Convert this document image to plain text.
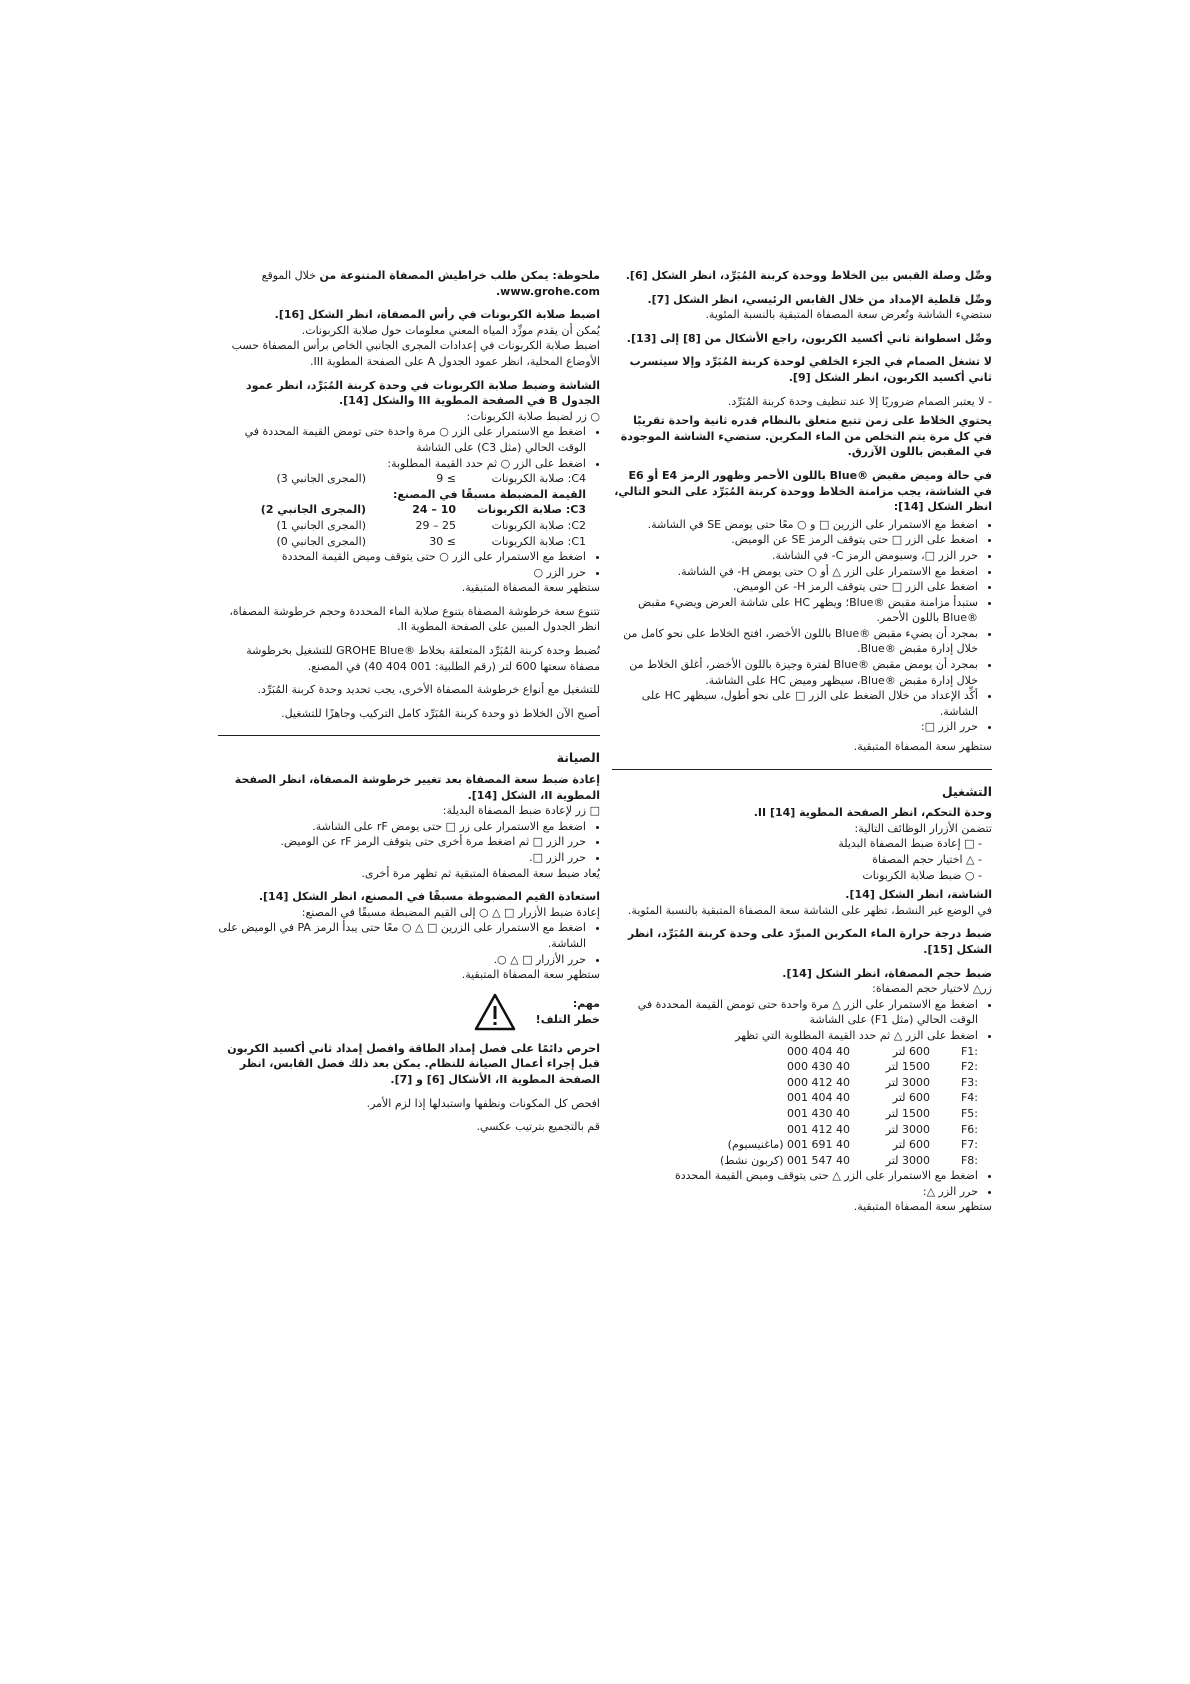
وصِّل وصلة القبس بين الخلاط ووحدة كربنة المُبَرِّد، انظر الشكل [6].

وصِّل قلطية الإمداد من خلال القابس الرئيسي، انظر الشكل [7].
ستضيء الشاشة وتُعرض سعة المصفاة المتبقية بالنسبة المئوية.

وصِّل اسطوانة ثاني أكسيد الكربون، راجع الأشكال من [8] إلى [13].

لا تشغل الصمام في الجزء الخلفي لوحدة كربنة المُبَرِّد وإلا سيتسرب ثاني أكسيد الكربون، انظر الشكل [9].

- لا يعتبر الصمام ضروريًا إلا عند تنظيف وحدة كربنة المُبَرِّد.

يحتوي الخلاط على زمن تتبع متعلق بالنظام قدره ثانية واحدة تقريبًا في كل مرة يتم التخلص من الماء المكربن. ستضيء الشاشة الموجودة في المقبض باللون الآزرق.

في حالة وميض مقبض ®Blue باللون الأحمر وظهور الرمز E4 أو E6 في الشاشة، يجب مزامنة الخلاط ووحدة كربنة المُبَرِّد على النحو التالي، انظر الشكل [14]:

• اضغط مع الاستمرار على الزرين □ و ○ معًا حتى يومض SE في الشاشة.
• اضغط على الزر □ حتى يتوقف الرمز SE عن الوميض.
• حرر الزر □، وسيومض الرمز C- في الشاشة.
• اضغط مع الاستمرار على الزر △ أو ○ حتى يومض H- في الشاشة.
• اضغط على الزر □ حتى يتوقف الرمز H- عن الوميض.
• ستبدأ مزامنة مقبض ®Blue؛ ويظهر HC على شاشة العرض ويضيء مقبض ®Blue باللون الأحمر.
• بمجرد أن يضيء مقبض ®Blue باللون الأخضر، افتح الخلاط على نحو كامل من خلال إدارة مقبض ®Blue.
• بمجرد أن يومض مقبض ®Blue لفترة وجيزة باللون الأخضر، أغلق الخلاط من خلال إدارة مقبض ®Blue، سيظهر وميض HC على الشاشة.
• أكِّد الإعداد من خلال الضغط على الزر □ على نحو أطول، سيظهر HC على الشاشة.
• حرر الزر □:

ستظهر سعة المصفاة المتبقية.

التشغيل

وحدة التحكم، انظر الصفحة المطوية [14] II.
تتضمن الأزرار الوظائف التالية:

- □ إعادة ضبط المصفاة البديلة
- △ اختيار حجم المصفاة
- ○ ضبط صلابة الكربونات

الشاشة، انظر الشكل [14].
في الوضع غير النشط، تظهر على الشاشة سعة المصفاة المتبقية بالنسبة المئوية.

ضبط درجة حرارة الماء المكربن المبرِّد على وحدة كربنة المُبَرِّد، انظر الشكل [15].

ضبط حجم المصفاة، انظر الشكل [14].
زر△ لاختيار حجم المصفاة:

• اضغط مع الاستمرار على الزر △ مرة واحدة حتى تومض القيمة المحددة في الوقت الحالي (مثل F1) على الشاشة
• اضغط على الزر △ ثم حدد القيمة المطلوبة التي تظهر
:F1	600 لتر	40 404 000
:F2	1500 لتر	40 430 000
:F3	3000 لتر	40 412 000
:F4	600 لتر	40 404 001
:F5	1500 لتر	40 430 001
:F6	3000 لتر	40 412 001
:F7	600 لتر	40 691 001 (ماغنيسيوم)
:F8	3000 لتر	40 547 001 (كربون نشط)
• اضغط مع الاستمرار على الزر △ حتى يتوقف وميض القيمة المحددة
• حرر الزر △:

ستظهر سعة المصفاة المتبقية.

ملحوظة: يمكن طلب خراطيش المصفاة المتنوعة من خلال الموقع
www.grohe.com.

اضبط صلابة الكربونات في رأس المصفاة، انظر الشكل [16].
يُمكن أن يقدم موزِّد المياه المعني معلومات حول صلابة الكربونات.
اضبط صلابة الكربونات في إعدادات المجرى الجانبي الخاص برأس المصفاة حسب الأوضاع المحلية، انظر عمود الجدول A على الصفحة المطوية III.

الشاشة وضبط صلابة الكربونات في وحدة كربنة المُبَرِّد، انظر عمود الجدول B في الصفحة المطوية III والشكل [14].
○ زر لضبط صلابة الكربونات:

• اضغط مع الاستمرار على الزر ○ مرة واحدة حتى تومض القيمة المحددة في الوقت الحالي (مثل C3) على الشاشة
• اضغط على الزر ○ ثم حدد القيمة المطلوبة:
C4: صلابة الكربونات	≥ 9	(المجرى الجانبي 3)
القيمة المضبطة مسبقًا في المصنع:		
C3: صلابة الكربونات	10 – 24	(المجرى الجانبي 2)
C2: صلابة الكربونات	25 – 29	(المجرى الجانبي 1)
C1: صلابة الكربونات	≥ 30	(المجرى الجانبي 0)
• اضغط مع الاستمرار على الزر ○ حتى يتوقف وميض القيمة المحددة
• حرر الزر ○

ستظهر سعة المصفاة المتبقية.

تتنوع سعة خرطوشة المصفاة بتنوع صلابة الماء المحددة وحجم خرطوشة المصفاة، انظر الجدول المبين على الصفحة المطوية II.

تُضبط وحدة كربنة المُبَرِّد المتعلقة بخلاط ®GROHE Blue للتشغيل بخرطوشة مصفاة سعتها 600 لتر (رقم الطلبية: 001 404 40) في المصنع.

للتشغيل مع أنواع خرطوشة المصفاة الأخرى، يجب تحديد وحدة كربنة المُبَرِّد.

أصبح الآن الخلاط ذو وحدة كربنة المُبَرِّد كامل التركيب وجاهزًا للتشغيل.

الصيانة

إعادة ضبط سعة المصفاة بعد تغيير خرطوشة المصفاة، انظر الصفحة المطوية II، الشكل [14].
□ زر لإعادة ضبط المصفاة البديلة:

• اضغط مع الاستمرار على زر □ حتى يومض rF على الشاشة.
• حرر الزر □ ثم اضغط مرة أخرى حتى يتوقف الرمز rF عن الوميض.
• حرر الزر □.

يُعاد ضبط سعة المصفاة المتبقية ثم تظهر مرة أخرى.

استعادة القيم المضبوطة مسبقًا في المصنع، انظر الشكل [14].
إعادة ضبط الأزرار □ △ ○ إلى القيم المضبطة مسبقًا في المصنع:

• اضغط مع الاستمرار على الزرين □ △ ○ معًا حتى يبدأ الرمز PA في الوميض على الشاشة.
• حرر الأزرار □ △ ○.

ستظهر سعة المصفاة المتبقية.

مهم:
خطر التلف!

احرص دائمًا على فصل إمداد الطاقة وافصل إمداد ثاني أكسيد الكربون قبل إجراء أعمال الصيانة للنظام. يمكن بعد ذلك فصل القابس، انظر الصفحة المطوية II، الأشكال [6] و [7].

افحص كل المكونات ونظفها واستبدلها إذا لزم الأمر.

قم بالتجميع بترتيب عكسي.
